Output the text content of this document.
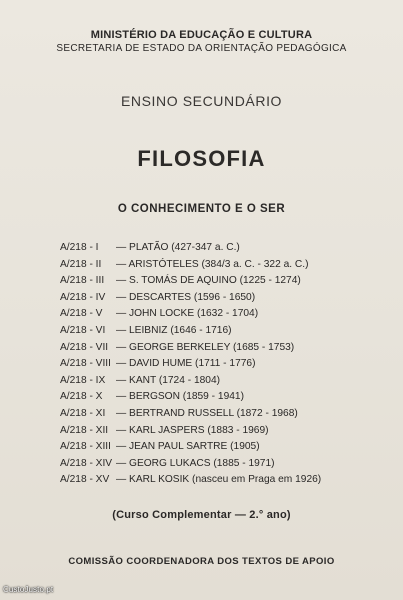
MINISTÉRIO DA EDUCAÇÃO E CULTURA
SECRETARIA DE ESTADO DA ORIENTAÇÃO PEDAGÓGICA
ENSINO SECUNDÁRIO
FILOSOFIA
O CONHECIMENTO E O SER
A/218 - I	— PLATÃO (427-347 a. C.)
A/218 - II	— ARISTÓTELES (384/3 a. C. - 322 a. C.)
A/218 - III	— S. TOMÁS DE AQUINO (1225 - 1274)
A/218 - IV	— DESCARTES (1596 - 1650)
A/218 - V	— JOHN LOCKE (1632 - 1704)
A/218 - VI	— LEIBNIZ (1646 - 1716)
A/218 - VII — GEORGE BERKELEY (1685 - 1753)
A/218 - VIII — DAVID HUME (1711 - 1776)
A/218 - IX	— KANT (1724 - 1804)
A/218 - X	— BERGSON (1859 - 1941)
A/218 - XI	— BERTRAND RUSSELL (1872 - 1968)
A/218 - XII — KARL JASPERS (1883 - 1969)
A/218 - XIII — JEAN PAUL SARTRE (1905)
A/218 - XIV — GEORG LUKACS (1885 - 1971)
A/218 - XV — KARL KOSIK (nasceu em Praga em 1926)
(Curso Complementar — 2.° ano)
COMISSÃO COORDENADORA DOS TEXTOS DE APOIO
CustoJusto.pt
